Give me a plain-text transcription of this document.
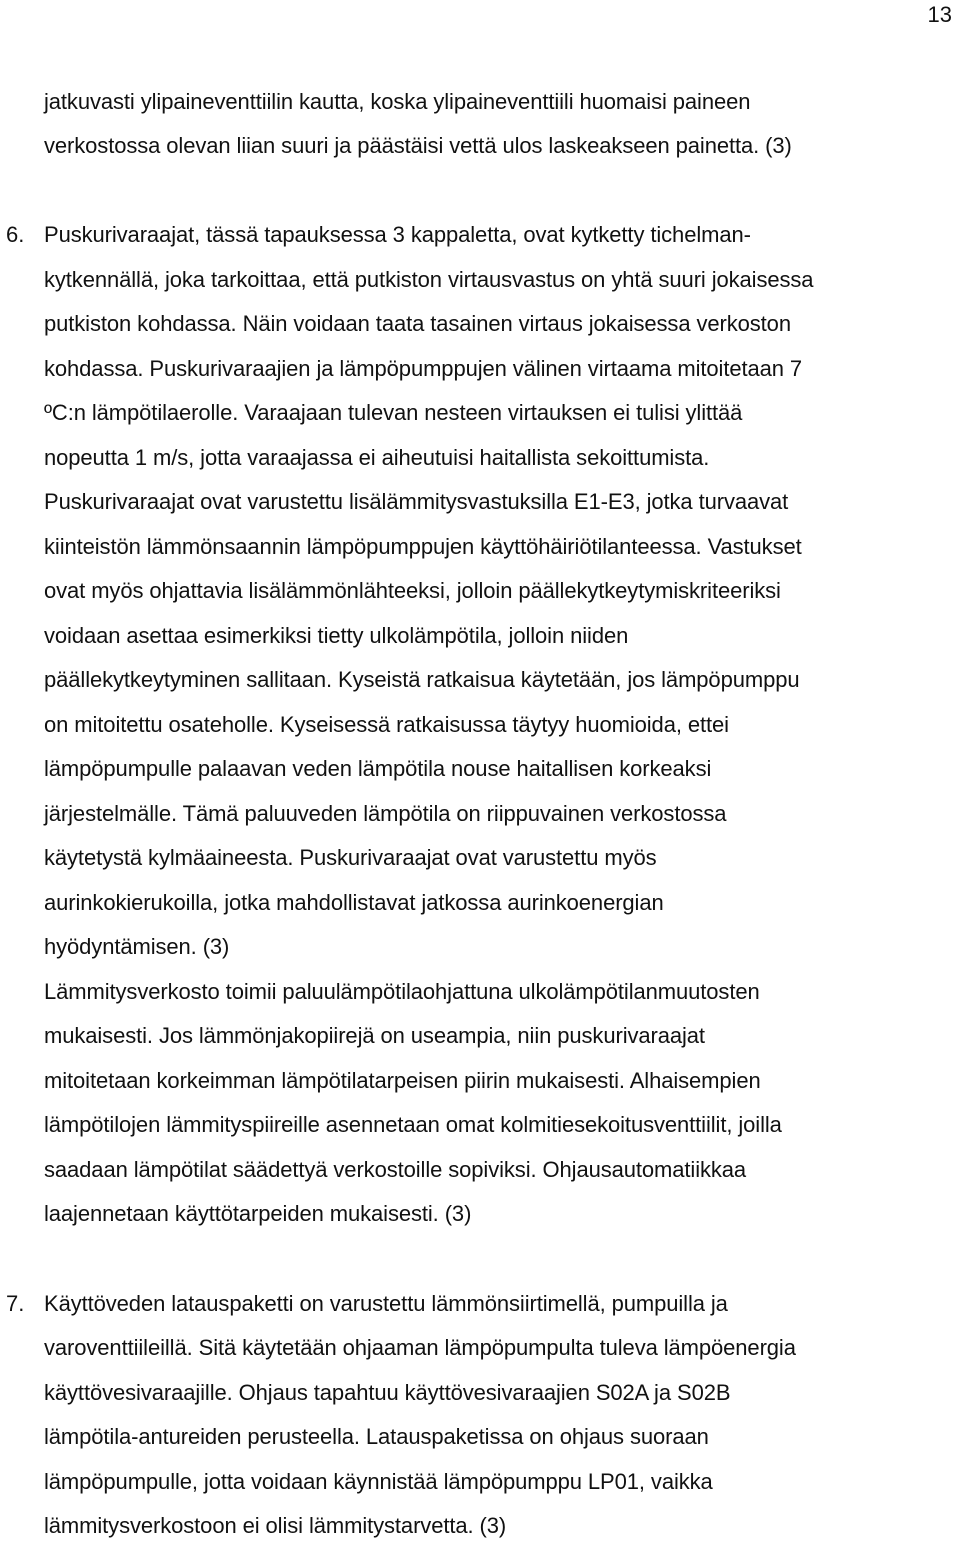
13
jatkuvasti ylipaineventtiilin kautta, koska ylipaineventtiili huomaisi paineen
verkostossa olevan liian suuri ja päästäisi vettä ulos laskeakseen painetta. (3)
6. Puskurivaraajat, tässä tapauksessa 3 kappaletta, ovat kytketty tichelman-
kytkennällä, joka tarkoittaa, että putkiston virtausvastus on yhtä suuri jokaisessa
putkiston kohdassa. Näin voidaan taata tasainen virtaus jokaisessa verkoston
kohdassa. Puskurivaraajien ja lämpöpumppujen välinen virtaama mitoitetaan 7
ºC:n lämpötilaerolle. Varaajaan tulevan nesteen virtauksen ei tulisi ylittää
nopeutta 1 m/s, jotta varaajassa ei aiheutuisi haitallista sekoittumista.
Puskurivaraajat ovat varustettu lisälämmitysvastuksilla E1-E3, jotka turvaavat
kiinteistön lämmönsaannin lämpöpumppujen käyttöhäiriötilanteessa. Vastukset
ovat myös ohjattavia lisälämmönlähteeksi, jolloin päällekytkeytymiskriteeriksi
voidaan asettaa esimerkiksi tietty ulkolämpötila, jolloin niiden
päällekytkeytyminen sallitaan. Kyseistä ratkaisua käytetään, jos lämpöpumppu
on mitoitettu osateholle. Kyseisessä ratkaisussa täytyy huomioida, ettei
lämpöpumpulle palaavan veden lämpötila nouse haitallisen korkeaksi
järjestelmälle. Tämä paluuveden lämpötila on riippuvainen verkostossa
käytetystä kylmäaineesta. Puskurivaraajat ovat varustettu myös
aurinkokierukoilla, jotka mahdollistavat jatkossa aurinkoenergian
hyödyntämisen. (3)
Lämmitysverkosto toimii paluulämpötilaohjattuna ulkolämpötilanmuutosten
mukaisesti. Jos lämmönjakopiirejä on useampia, niin puskurivaraajat
mitoitetaan korkeimman lämpötilatarpeisen piirin mukaisesti. Alhaisempien
lämpötilojen lämmityspiireille asennetaan omat kolmitiesekoitusventtiilit, joilla
saadaan lämpötilat säädettyä verkostoille sopiviksi. Ohjausautomatiikkaa
laajennetaan käyttötarpeiden mukaisesti. (3)
7. Käyttöveden latauspaketti on varustettu lämmönsiirtimellä, pumpuilla ja
varoventtiileillä. Sitä käytetään ohjaaman lämpöpumpulta tuleva lämpöenergia
käyttövesivaraajille. Ohjaus tapahtuu käyttövesivaraajien S02A ja S02B
lämpötila-antureiden perusteella. Latauspaketissa on ohjaus suoraan
lämpöpumpulle, jotta voidaan käynnistää lämpöpumppu LP01, vaikka
lämmitysverkostoon ei olisi lämmitystarvetta. (3)
